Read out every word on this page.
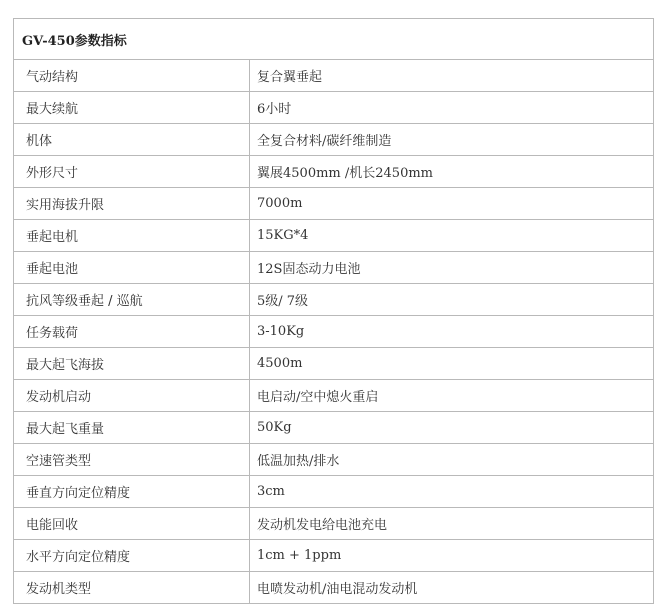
GV-450参数指标	
气动结构	复合翼垂起
最大续航	6小时
机体	全复合材料/碳纤维制造
外形尺寸	翼展4500mm /机长2450mm
实用海拔升限	7000m
垂起电机	15KG*4
垂起电池	12S固态动力电池
抗风等级垂起 / 巡航	5级/ 7级
任务载荷	3-10Kg
最大起飞海拔	4500m
发动机启动	电启动/空中熄火重启
最大起飞重量	50Kg
空速管类型	低温加热/排水
垂直方向定位精度	3cm
电能回收	发动机发电给电池充电
水平方向定位精度	1cm + 1ppm
发动机类型	电喷发动机/油电混动发动机
